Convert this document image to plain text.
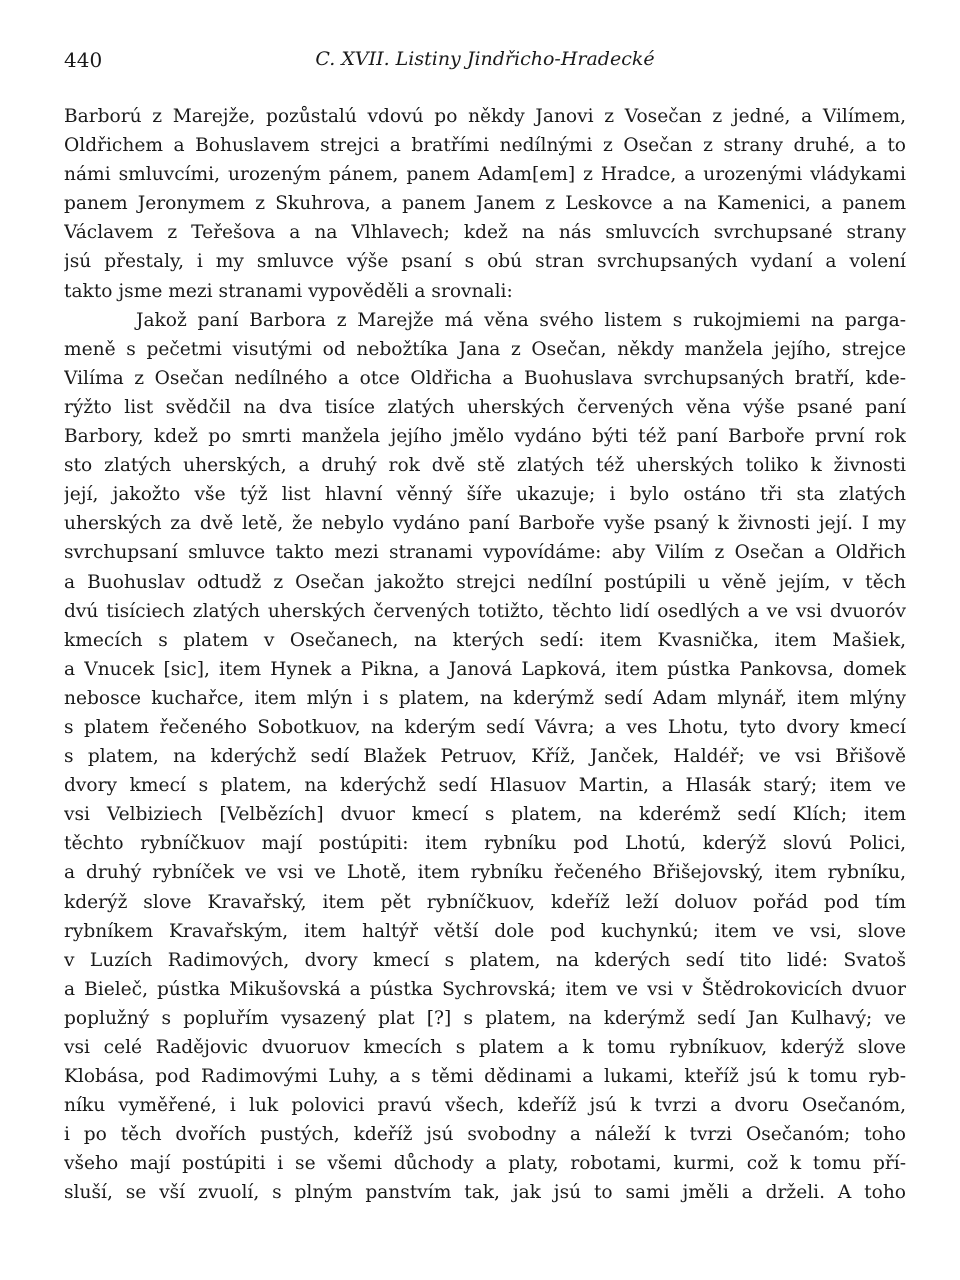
440	C. XVII. Listiny Jindřicho-Hradecké

Barború z Marejže, pozůstalú vdovú po někdy Janovi z Vosečan z jedné, a Vilímem,

Oldřichem a Bohuslavem strejci a bratřími nedílnými z Osečan z strany druhé, a to

námi smluvcími, urozeným pánem, panem Adam[em] z Hradce, a urozenými vládykami

panem Jeronymem z Skuhrova, a panem Janem z Leskovce a na Kamenici, a panem

Václavem z Teřešova a na Vlhlavech; kdež na nás smluvcích svrchupsané strany

jsú přestaly, i my smluvce výše psaní s obú stran svrchupsaných vydaní a volení

takto jsme mezi stranami vypověděli a srovnali:

Jakož paní Barbora z Marejže má věna svého listem s rukojmiemi na parga-

meně s pečetmi visutými od nebožtíka Jana z Osečan, někdy manžela jejího, strejce

Vilíma z Osečan nedílného a otce Oldřicha a Buohuslava svrchupsaných bratří, kde-

rýžto list svědčil na dva tisíce zlatých uherských červených věna výše psané paní

Barbory, kdež po smrti manžela jejího jmělo vydáno býti též paní Barboře první rok

sto zlatých uherských, a druhý rok dvě stě zlatých též uherských toliko k živnosti

její, jakožto vše týž list hlavní věnný šíře ukazuje; i bylo ostáno tři sta zlatých

uherských za dvě letě, že nebylo vydáno paní Barboře vyše psaný k živnosti její. I my

svrchupsaní smluvce takto mezi stranami vypovídáme: aby Vilím z Osečan a Oldřich

a Buohuslav odtudž z Osečan jakožto strejci nedílní postúpili u věně jejím, v těch

dvú tisíciech zlatých uherských červených totižto, těchto lidí osedlých a ve vsi dvuoróv

kmecích s platem v Osečanech, na kterých sedí: item Kvasnička, item Mašiek,

a Vnucek [sic], item Hynek a Pikna, a Janová Lapková, item pústka Pankovsa, domek

nebosce kuchařce, item mlýn i s platem, na kderýmž sedí Adam mlynář, item mlýny

s platem řečeného Sobotkuov, na kderým sedí Vávra; a ves Lhotu, tyto dvory kmecí

s platem, na kderýchž sedí Blažek Petruov, Kříž, Janček, Haldéř; ve vsi Břišově

dvory kmecí s platem, na kderýchž sedí Hlasuov Martin, a Hlasák starý; item ve

vsi Velbiziech [Velbězích] dvuor kmecí s platem, na kderémž sedí Klích; item

těchto rybníčkuov mají postúpiti: item rybníku pod Lhotú, kderýž slovú Polici,

a druhý rybníček ve vsi ve Lhotě, item rybníku řečeného Břišejovský, item rybníku,

kderýž slove Kravařský, item pět rybníčkuov, kdeříž leží doluov pořád pod tím

rybníkem Kravařským, item haltýř větší dole pod kuchynkú; item ve vsi, slove

v Luzích Radimových, dvory kmecí s platem, na kderých sedí tito lidé: Svatoš

a Bieleč, pústka Mikušovská a pústka Sychrovská; item ve vsi v Štědrokovicích dvuor

poplužný s popluřím vysazený plat [?] s platem, na kderýmž sedí Jan Kulhavý; ve

vsi celé Radějovic dvuoruov kmecích s platem a k tomu rybníkuov, kderýž slove

Klobása, pod Radimovými Luhy, a s těmi dědinami a lukami, kteříž jsú k tomu ryb-

níku vyměřené, i luk polovici pravú všech, kdeříž jsú k tvrzi a dvoru Osečanóm,

i po těch dvořích pustých, kdeříž jsú svobodny a náleží k tvrzi Osečanóm; toho

všeho mají postúpiti i se všemi důchody a platy, robotami, kurmi, což k tomu pří-

sluší, se vší zvuolí, s plným panstvím tak, jak jsú to sami jměli a drželi. A toho
